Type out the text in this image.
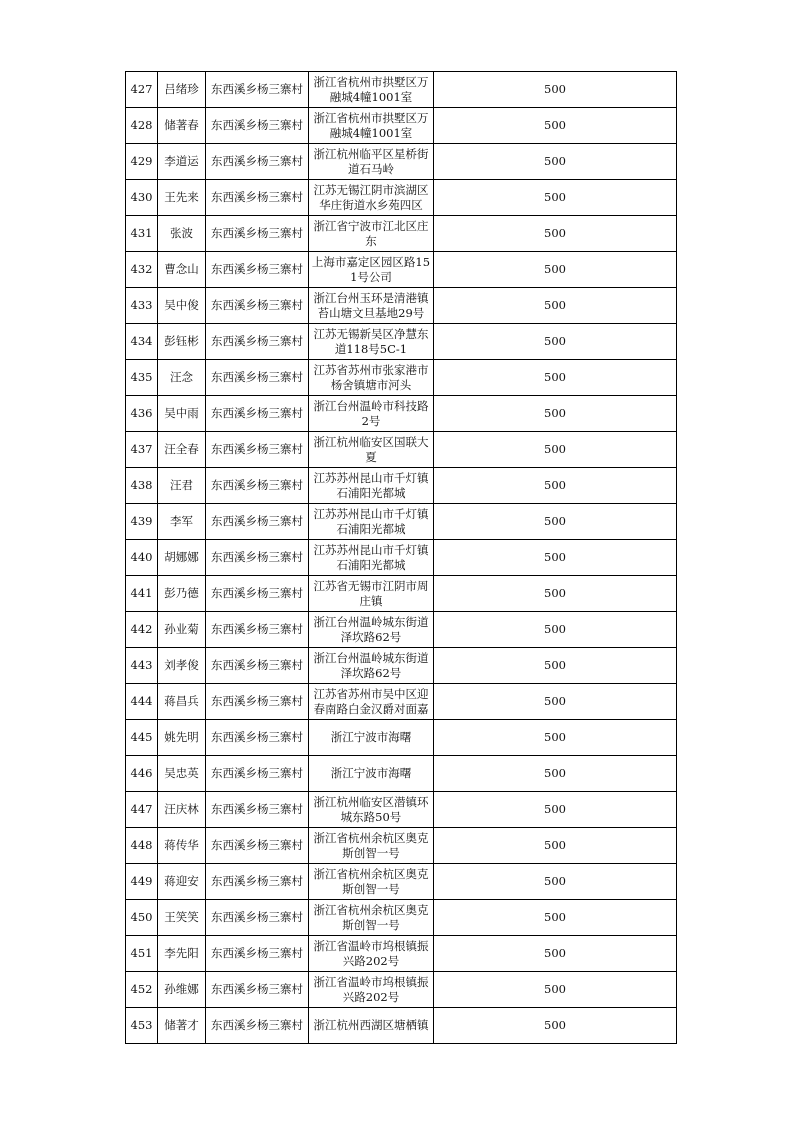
427	吕绪珍	东西溪乡杨三寨村	浙江省杭州市拱墅区万融城4幢1001室	500
428	储著春	东西溪乡杨三寨村	浙江省杭州市拱墅区万融城4幢1001室	500
429	李道运	东西溪乡杨三寨村	浙江杭州临平区星桥街道石马岭	500
430	王先来	东西溪乡杨三寨村	江苏无锡江阴市滨湖区华庄街道水乡苑四区	500
431	张波	东西溪乡杨三寨村	浙江省宁波市江北区庄东	500
432	曹念山	东西溪乡杨三寨村	上海市嘉定区园区路151号公司	500
433	吴中俊	东西溪乡杨三寨村	浙江台州玉环是清港镇苔山塘文旦基地29号	500
434	彭钰彬	东西溪乡杨三寨村	江苏无锡新吴区净慧东道118号5C-1	500
435	汪念	东西溪乡杨三寨村	江苏省苏州市张家港市杨舍镇塘市河头	500
436	吴中雨	东西溪乡杨三寨村	浙江台州温岭市科技路2号	500
437	汪全春	东西溪乡杨三寨村	浙江杭州临安区国联大夏	500
438	汪君	东西溪乡杨三寨村	江苏苏州昆山市千灯镇石浦阳光都城	500
439	李军	东西溪乡杨三寨村	江苏苏州昆山市千灯镇石浦阳光都城	500
440	胡娜娜	东西溪乡杨三寨村	江苏苏州昆山市千灯镇石浦阳光都城	500
441	彭乃德	东西溪乡杨三寨村	江苏省无锡市江阴市周庄镇	500
442	孙业菊	东西溪乡杨三寨村	浙江台州温岭城东街道泽坎路62号	500
443	刘孝俊	东西溪乡杨三寨村	浙江台州温岭城东街道泽坎路62号	500
444	蒋昌兵	东西溪乡杨三寨村	江苏省苏州市吴中区迎春南路白金汉爵对面嘉	500
445	姚先明	东西溪乡杨三寨村	浙江宁波市海曙	500
446	吴忠英	东西溪乡杨三寨村	浙江宁波市海曙	500
447	汪庆林	东西溪乡杨三寨村	浙江杭州临安区潜镇环城东路50号	500
448	蒋传华	东西溪乡杨三寨村	浙江省杭州余杭区奥克斯创智一号	500
449	蒋迎安	东西溪乡杨三寨村	浙江省杭州余杭区奥克斯创智一号	500
450	王笑笑	东西溪乡杨三寨村	浙江省杭州余杭区奥克斯创智一号	500
451	李先阳	东西溪乡杨三寨村	浙江省温岭市坞根镇振兴路202号	500
452	孙维娜	东西溪乡杨三寨村	浙江省温岭市坞根镇振兴路202号	500
453	储著才	东西溪乡杨三寨村	浙江杭州西湖区塘栖镇	500
